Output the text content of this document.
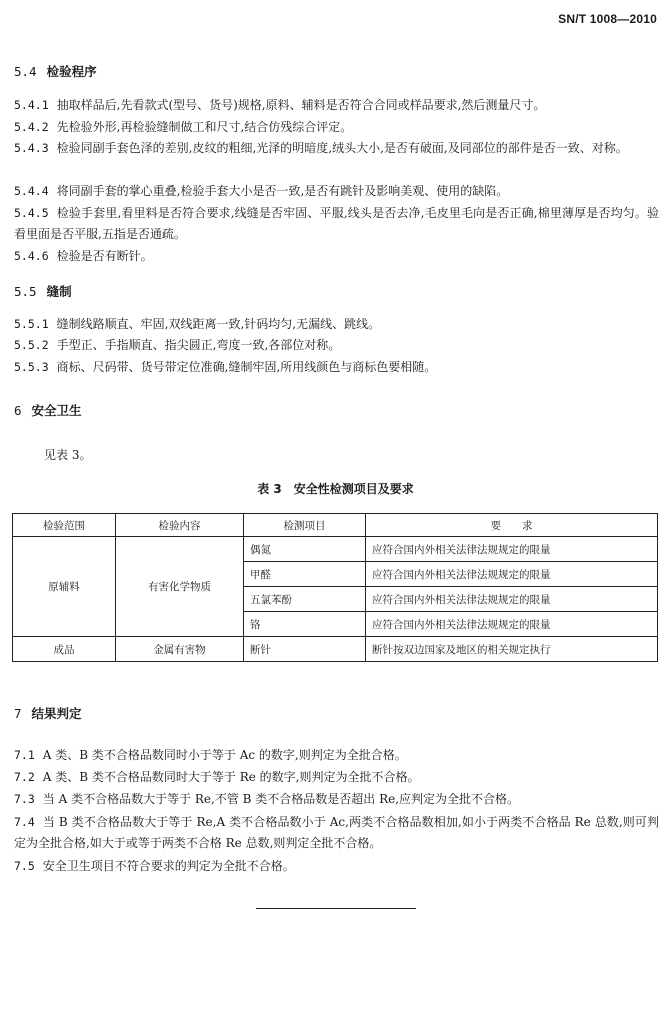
SN/T 1008—2010
5.4 检验程序
5.4.1 抽取样品后,先看款式(型号、货号)规格,原料、辅料是否符合合同或样品要求,然后测量尺寸。
5.4.2 先检验外形,再检验缝制做工和尺寸,结合仿残综合评定。
5.4.3 检验同副手套色泽的差别,皮纹的粗细,光泽的明暗度,绒头大小,是否有破面,及同部位的部件是否一致、对称。
5.4.4 将同副手套的掌心重叠,检验手套大小是否一致,是否有跳针及影响美观、使用的缺陷。
5.4.5 检验手套里,看里料是否符合要求,线缝是否牢固、平服,线头是否去净,毛皮里毛向是否正确,棉里薄厚是否均匀。验看里面是否平服,五指是否通疏。
5.4.6 检验是否有断针。
5.5 缝制
5.5.1 缝制线路顺直、牢固,双线距离一致,针码均匀,无漏线、跳线。
5.5.2 手型正、手指顺直、指尖圆正,弯度一致,各部位对称。
5.5.3 商标、尺码带、货号带定位准确,缝制牢固,所用线颜色与商标色要相随。
6 安全卫生
见表 3。
表 3　安全性检测项目及要求
检验范围	检验内容	检测项目	要　　求
原辅料	有害化学物质	偶氮	应符合国内外相关法律法规规定的限量
		甲醛	应符合国内外相关法律法规规定的限量
		五氯苯酚	应符合国内外相关法律法规规定的限量
		铬	应符合国内外相关法律法规规定的限量
成品	金属有害物	断针	断针按双边国家及地区的相关规定执行
7 结果判定
7.1 A 类、B 类不合格品数同时小于等于 Ac 的数字,则判定为全批合格。
7.2 A 类、B 类不合格品数同时大于等于 Re 的数字,则判定为全批不合格。
7.3 当 A 类不合格品数大于等于 Re,不管 B 类不合格品数是否超出 Re,应判定为全批不合格。
7.4 当 B 类不合格品数大于等于 Re,A 类不合格品数小于 Ac,两类不合格品数相加,如小于两类不合格品 Re 总数,则可判定为全批合格,如大于或等于两类不合格 Re 总数,则判定全批不合格。
7.5 安全卫生项目不符合要求的判定为全批不合格。
